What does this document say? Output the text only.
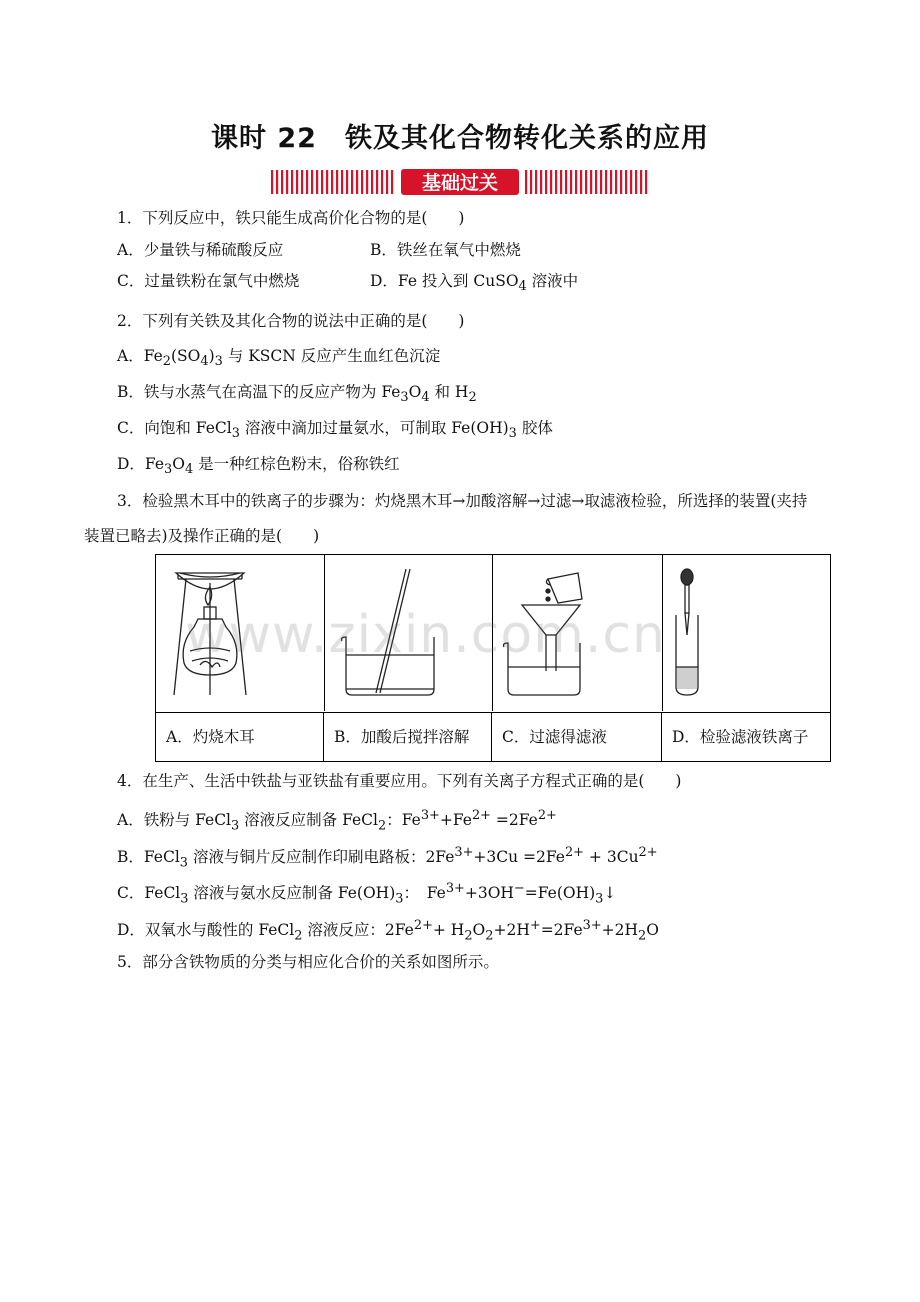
课时 22　铁及其化合物转化关系的应用
基础过关
1．下列反应中，铁只能生成高价化合物的是(　　)
A．少量铁与稀硫酸反应	B．铁丝在氧气中燃烧
C．过量铁粉在氯气中燃烧	D．Fe 投入到 CuSO$_4$ 溶液中
2．下列有关铁及其化合物的说法中正确的是(　　)
A．$Fe_2(SO_4)_3$ 与 KSCN 反应产生血红色沉淀
B．铁与水蒸气在高温下的反应产物为 $Fe_3O_4$ 和 $H_2$
C．向饱和 FeCl$_3$ 溶液中滴加过量氨水，可制取 $Fe(OH)_3$ 胶体
D．$Fe_3O_4$ 是一种红棕色粉末，俗称铁红
3．检验黑木耳中的铁离子的步骤为：灼烧黑木耳→加酸溶解→过滤→取滤液检验，所选择的装置(夹持
装置已略去)及操作正确的是(　　)
A．灼烧木耳	B．加酸后搅拌溶解	C．过滤得滤液	D．检验滤液铁离子
www.zixin.com.cn
4．在生产、生活中铁盐与亚铁盐有重要应用。下列有关离子方程式正确的是(　　)
A．铁粉与 FeCl$_3$ 溶液反应制备 FeCl$_2$：$Fe^{3+}+Fe^{2+} =2Fe^{2+}$
B．FeCl$_3$ 溶液与铜片反应制作印刷电路板：$2Fe^{3+}+3Cu =2Fe^{2+} + 3Cu^{2+}$
C．FeCl$_3$ 溶液与氨水反应制备 $Fe(OH)_3$：　$Fe^{3+}+3OH^-=Fe(OH)_3↓$
D．双氧水与酸性的 FeCl$_2$ 溶液反应：$2Fe^{2+}+ H_2O_2+2H^+=2Fe^{3+}+2H_2O$
5．部分含铁物质的分类与相应化合价的关系如图所示。
